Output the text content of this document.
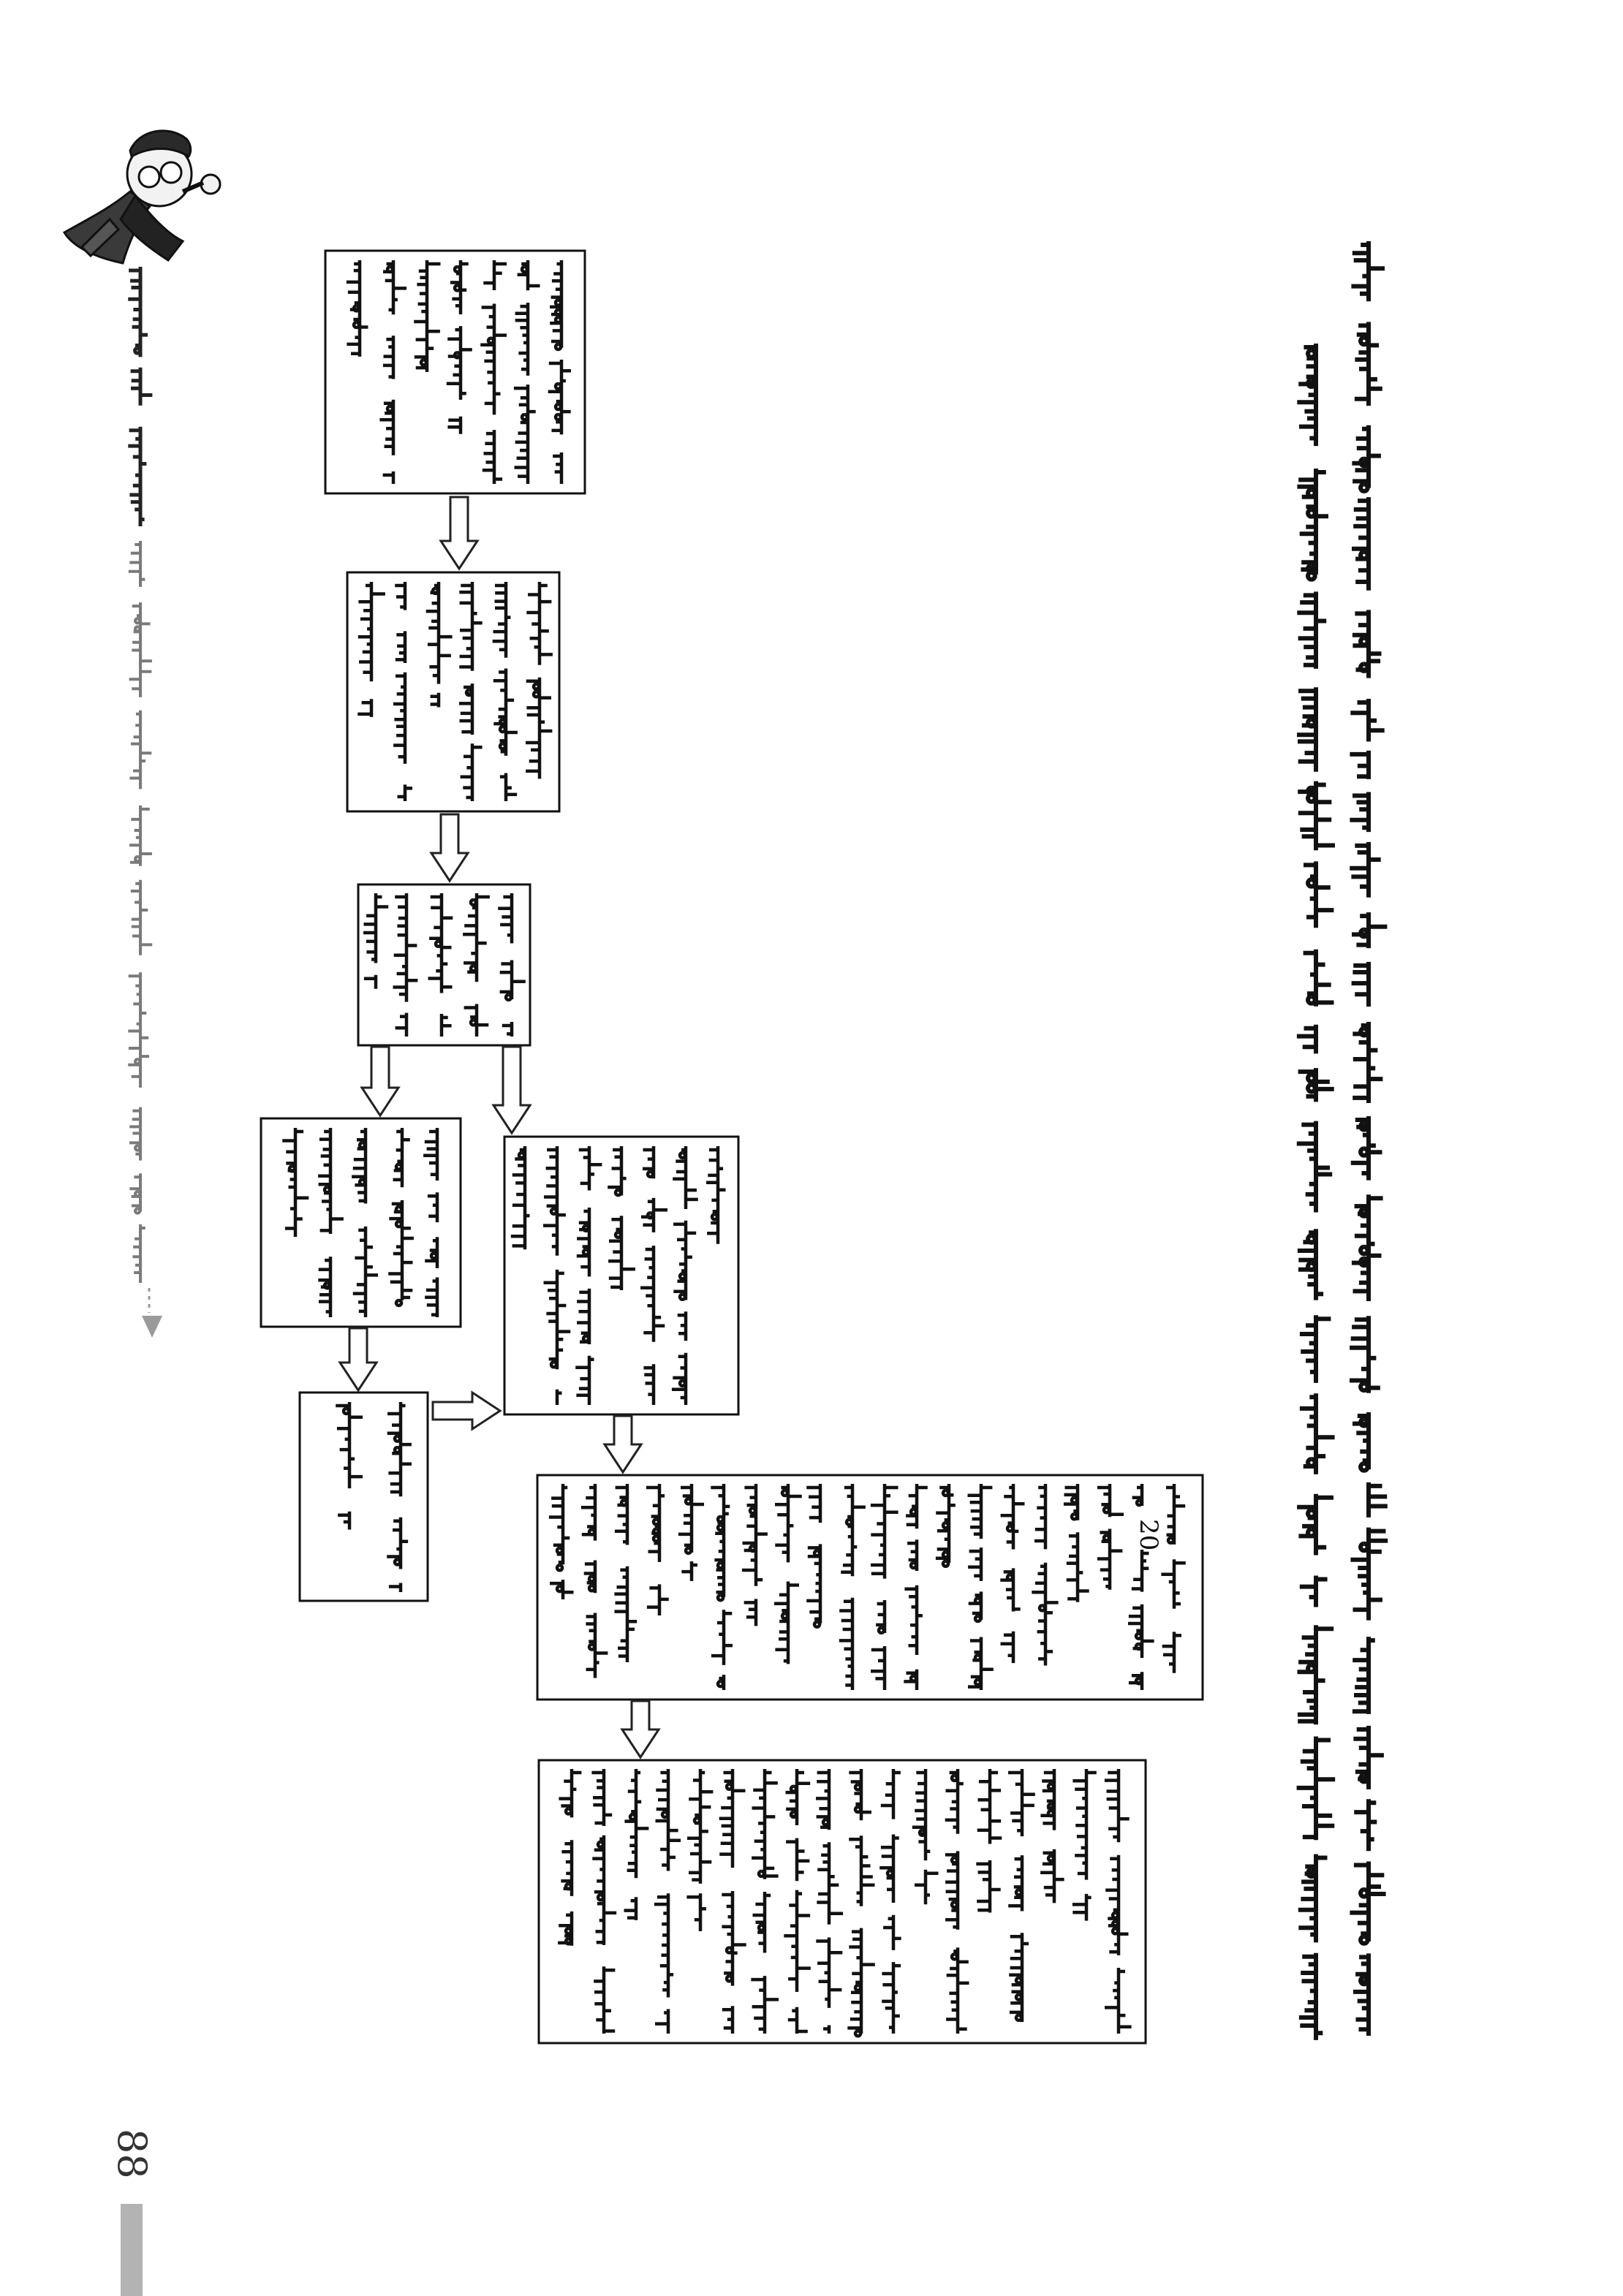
20
88
